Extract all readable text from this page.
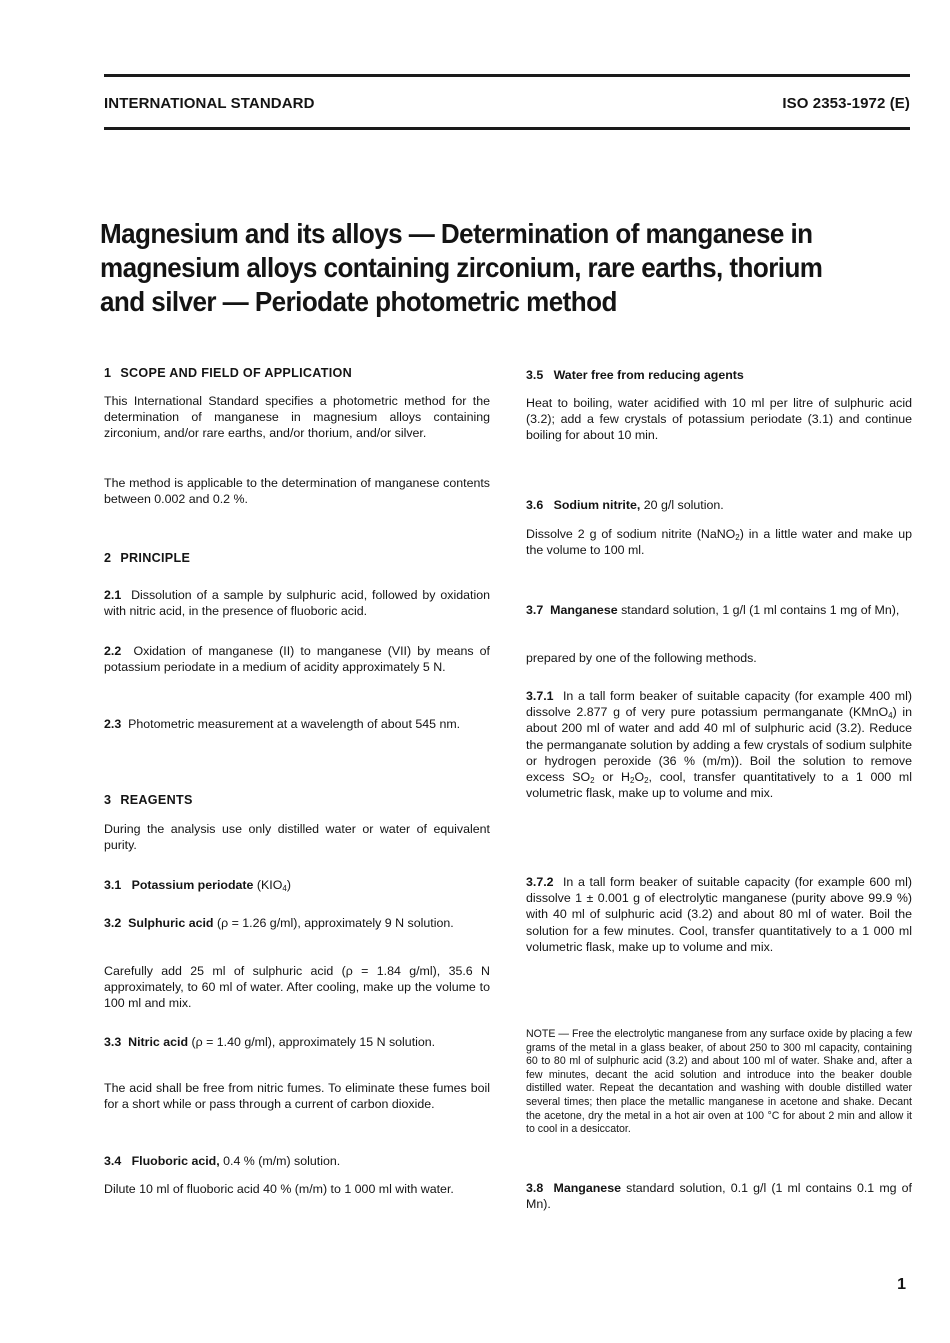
INTERNATIONAL STANDARD	ISO 2353-1972 (E)
Magnesium and its alloys — Determination of manganese in magnesium alloys containing zirconium, rare earths, thorium and silver — Periodate photometric method
1 SCOPE AND FIELD OF APPLICATION

This International Standard specifies a photometric method for the determination of manganese in magnesium alloys containing zirconium, and/or rare earths, and/or thorium, and/or silver.

The method is applicable to the determination of manganese contents between 0.002 and 0.2 %.

2 PRINCIPLE

2.1 Dissolution of a sample by sulphuric acid, followed by oxidation with nitric acid, in the presence of fluoboric acid.

2.2 Oxidation of manganese (II) to manganese (VII) by means of potassium periodate in a medium of acidity approximately 5 N.

2.3 Photometric measurement at a wavelength of about 545 nm.

3 REAGENTS

During the analysis use only distilled water or water of equivalent purity.

3.1 Potassium periodate $(KIO_4)$

3.2 Sulphuric acid (ρ = 1.26 g/ml), approximately 9 N solution.

Carefully add 25 ml of sulphuric acid (ρ = 1.84 g/ml), 35.6 N approximately, to 60 ml of water. After cooling, make up the volume to 100 ml and mix.

3.3 Nitric acid (ρ = 1.40 g/ml), approximately 15 N solution.

The acid shall be free from nitric fumes. To eliminate these fumes boil for a short while or pass through a current of carbon dioxide.

3.4 Fluoboric acid, 0.4 % (m/m) solution.

Dilute 10 ml of fluoboric acid 40 % (m/m) to 1 000 ml with water.

3.5 Water free from reducing agents

Heat to boiling, water acidified with 10 ml per litre of sulphuric acid (3.2); add a few crystals of potassium periodate (3.1) and continue boiling for about 10 min.

3.6 Sodium nitrite, 20 g/l solution.

Dissolve 2 g of sodium nitrite (NaNO$_2$) in a little water and make up the volume to 100 ml.

3.7 Manganese standard solution, 1 g/l (1 ml contains 1 mg of Mn),

prepared by one of the following methods.

3.7.1 In a tall form beaker of suitable capacity (for example 400 ml) dissolve 2.877 g of very pure potassium permanganate (KMnO$_4$) in about 200 ml of water and add 40 ml of sulphuric acid (3.2). Reduce the permanganate solution by adding a few crystals of sodium sulphite or hydrogen peroxide (36 % (m/m)). Boil the solution to remove excess $SO_2$ or $H_2O_2$, cool, transfer quantitatively to a 1 000 ml volumetric flask, make up to volume and mix.

3.7.2 In a tall form beaker of suitable capacity (for example 600 ml) dissolve 1 ± 0.001 g of electrolytic manganese (purity above 99.9 %) with 40 ml of sulphuric acid (3.2) and about 80 ml of water. Boil the solution for a few minutes. Cool, transfer quantitatively to a 1 000 ml volumetric flask, make up to volume and mix.

NOTE — Free the electrolytic manganese from any surface oxide by placing a few grams of the metal in a glass beaker, of about 250 to 300 ml capacity, containing 60 to 80 ml of sulphuric acid (3.2) and about 100 ml of water. Shake and, after a few minutes, decant the acid solution and introduce into the beaker double distilled water. Repeat the decantation and washing with double distilled water several times; then place the metallic manganese in acetone and shake. Decant the acetone, dry the metal in a hot air oven at 100 °C for about 2 min and allow it to cool in a desiccator.

3.8 Manganese standard solution, 0.1 g/l (1 ml contains 0.1 mg of Mn).

1
